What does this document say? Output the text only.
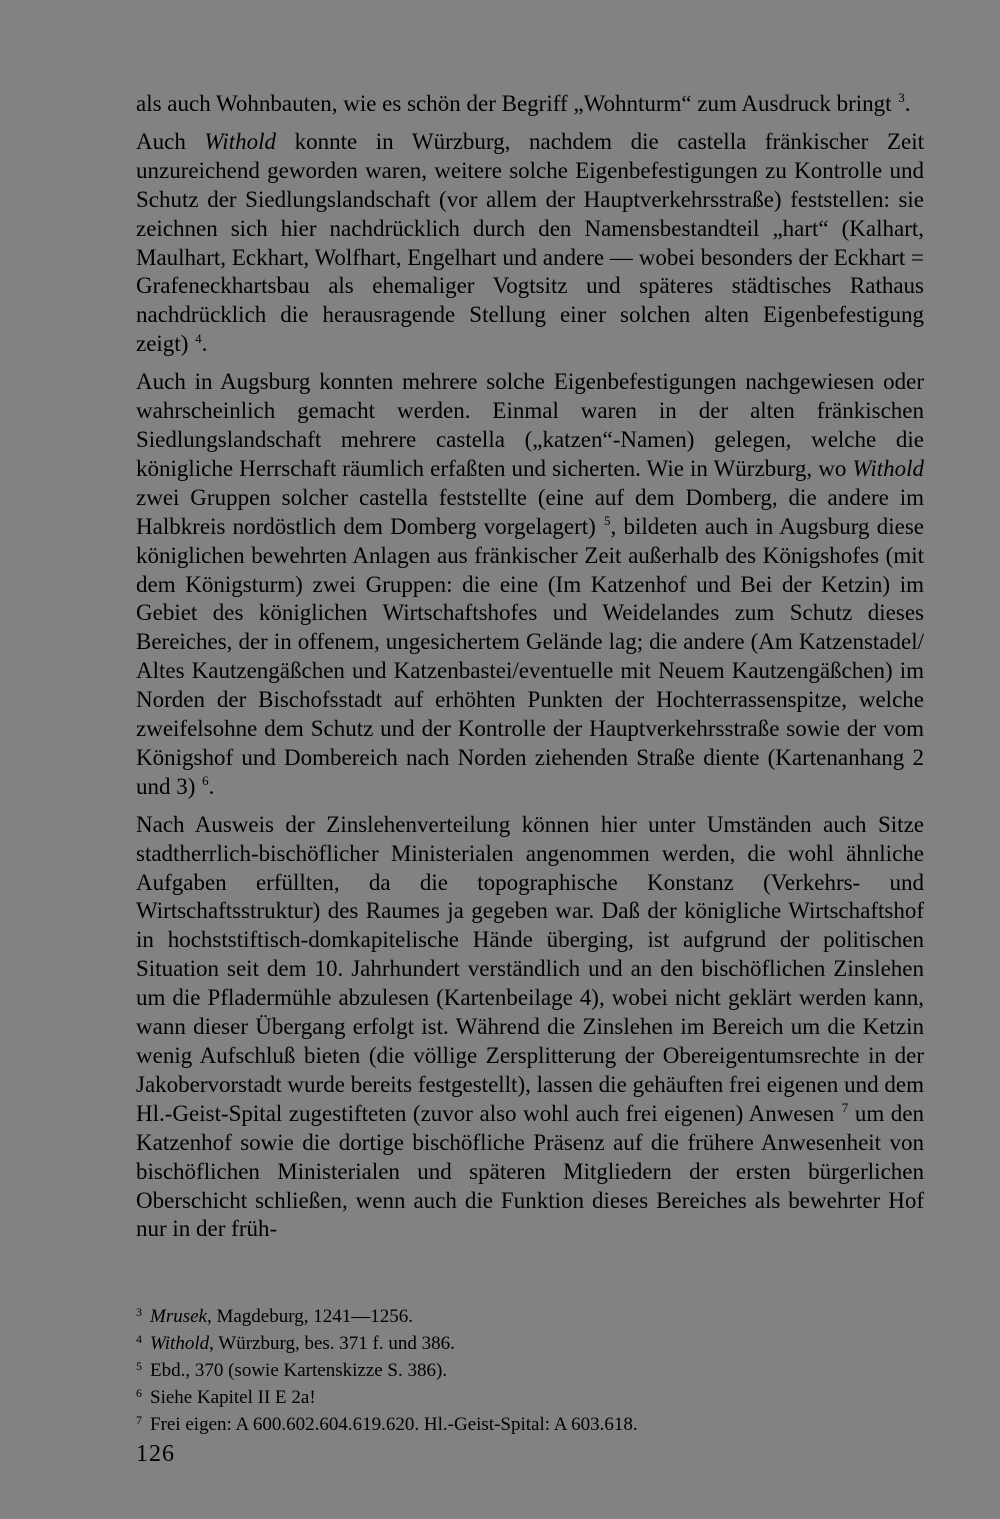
als auch Wohnbauten, wie es schön der Begriff „Wohnturm“ zum Ausdruck bringt $^3$.

Auch Withold konnte in Würzburg, nachdem die castella fränkischer Zeit unzureichend geworden waren, weitere solche Eigenbefestigungen zu Kontrolle und Schutz der Siedlungslandschaft (vor allem der Hauptverkehrsstraße) feststellen: sie zeichnen sich hier nachdrücklich durch den Namensbestandteil „hart“ (Kalhart, Maulhart, Eckhart, Wolfhart, Engelhart und andere — wobei besonders der Eckhart = Grafeneckhartsbau als ehemaliger Vogtsitz und späteres städtisches Rathaus nachdrücklich die herausragende Stellung einer solchen alten Eigenbefestigung zeigt) $^4$.

Auch in Augsburg konnten mehrere solche Eigenbefestigungen nachgewiesen oder wahrscheinlich gemacht werden. Einmal waren in der alten fränkischen Siedlungslandschaft mehrere castella („katzen“-Namen) gelegen, welche die königliche Herrschaft räumlich erfaßten und sicherten. Wie in Würzburg, wo Withold zwei Gruppen solcher castella feststellte (eine auf dem Domberg, die andere im Halbkreis nordöstlich dem Domberg vorgelagert) $^5$, bildeten auch in Augsburg diese königlichen bewehrten Anlagen aus fränkischer Zeit außerhalb des Königshofes (mit dem Königsturm) zwei Gruppen: die eine (Im Katzenhof und Bei der Ketzin) im Gebiet des königlichen Wirtschaftshofes und Weidelandes zum Schutz dieses Bereiches, der in offenem, ungesichertem Gelände lag; die andere (Am Katzenstadel/ Altes Kautzengäßchen und Katzenbastei/eventuelle mit Neuem Kautzengäßchen) im Norden der Bischofsstadt auf erhöhten Punkten der Hochterrassenspitze, welche zweifelsohne dem Schutz und der Kontrolle der Hauptverkehrsstraße sowie der vom Königshof und Dombereich nach Norden ziehenden Straße diente (Kartenanhang 2 und 3) $^6$.

Nach Ausweis der Zinslehenverteilung können hier unter Umständen auch Sitze stadtherrlich-bischöflicher Ministerialen angenommen werden, die wohl ähnliche Aufgaben erfüllten, da die topographische Konstanz (Verkehrs- und Wirtschaftsstruktur) des Raumes ja gegeben war. Daß der königliche Wirtschaftshof in hochststiftisch-domkapitelische Hände überging, ist aufgrund der politischen Situation seit dem 10. Jahrhundert verständlich und an den bischöflichen Zinslehen um die Pfladermühle abzulesen (Kartenbeilage 4), wobei nicht geklärt werden kann, wann dieser Übergang erfolgt ist. Während die Zinslehen im Bereich um die Ketzin wenig Aufschluß bieten (die völlige Zersplitterung der Obereigentumsrechte in der Jakobervorstadt wurde bereits festgestellt), lassen die gehäuften frei eigenen und dem Hl.-Geist-Spital zugestifteten (zuvor also wohl auch frei eigenen) Anwesen $^7$ um den Katzenhof sowie die dortige bischöfliche Präsenz auf die frühere Anwesenheit von bischöflichen Ministerialen und späteren Mitgliedern der ersten bürgerlichen Oberschicht schließen, wenn auch die Funktion dieses Bereiches als bewehrter Hof nur in der früh-

3 Mrusek, Magdeburg, 1241—1256.
4 Withold, Würzburg, bes. 371 f. und 386.
5 Ebd., 370 (sowie Kartenskizze S. 386).
6 Siehe Kapitel II E 2a!
7 Frei eigen: A 600.602.604.619.620. Hl.-Geist-Spital: A 603.618.
126
